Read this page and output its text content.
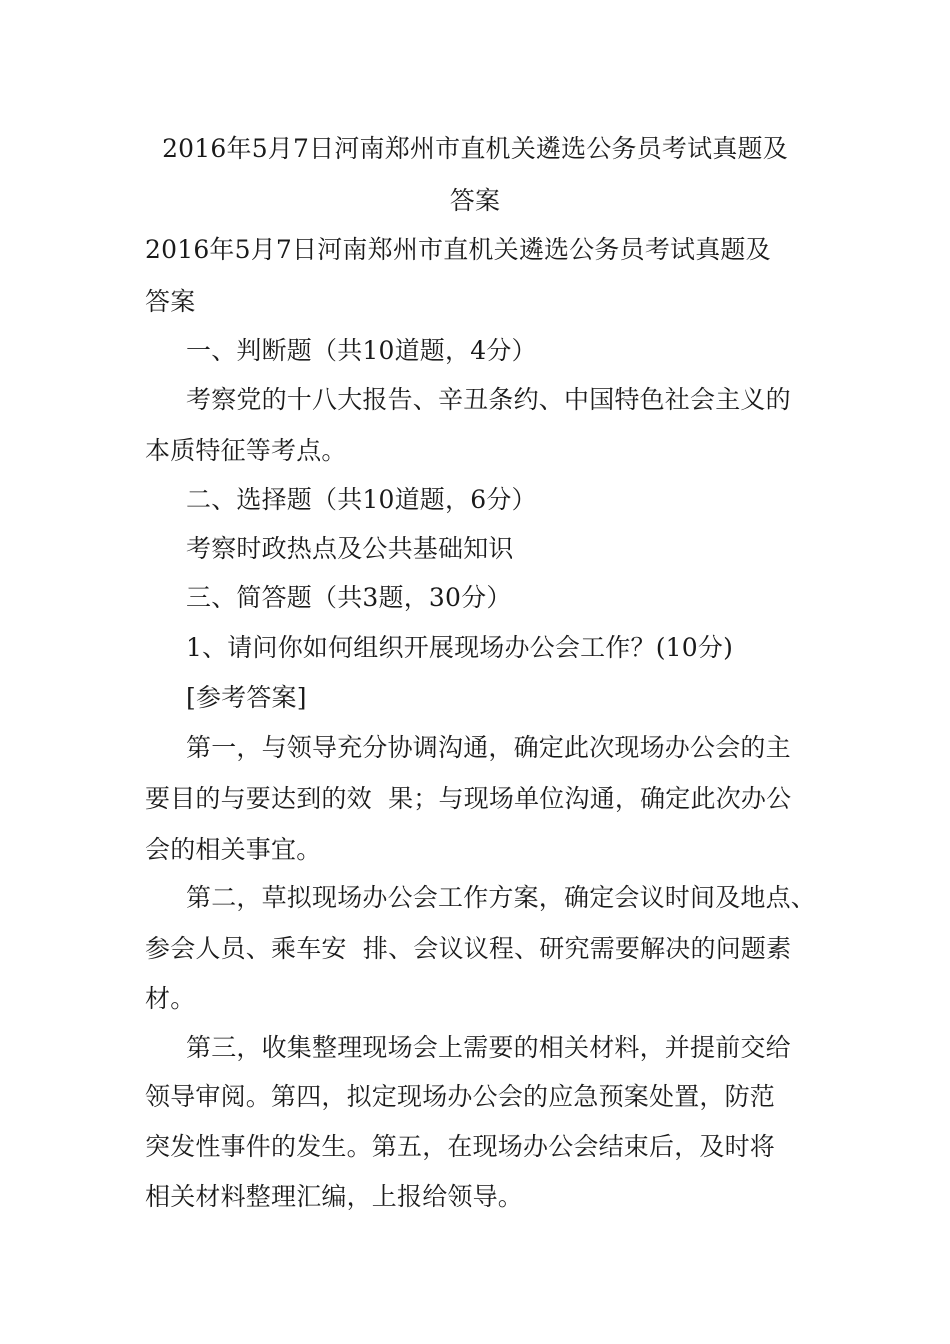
2016年5月7日河南郑州市直机关遴选公务员考试真题及
答案
2016年5月7日河南郑州市直机关遴选公务员考试真题及
答案
一、判断题（共10道题，4分）
考察党的十八大报告、辛丑条约、中国特色社会主义的
本质特征等考点。
二、选择题（共10道题，6分）
考察时政热点及公共基础知识
三、简答题（共3题，30分）
1、请问你如何组织开展现场办公会工作？(10分)
[参考答案]
第一，与领导充分协调沟通，确定此次现场办公会的主
要目的与要达到的效  果；与现场单位沟通，确定此次办公
会的相关事宜。
第二，草拟现场办公会工作方案，确定会议时间及地点、
参会人员、乘车安  排、会议议程、研究需要解决的问题素
材。
第三，收集整理现场会上需要的相关材料，并提前交给
领导审阅。第四，拟定现场办公会的应急预案处置，防范
突发性事件的发生。第五，在现场办公会结束后，及时将
相关材料整理汇编，上报给领导。
